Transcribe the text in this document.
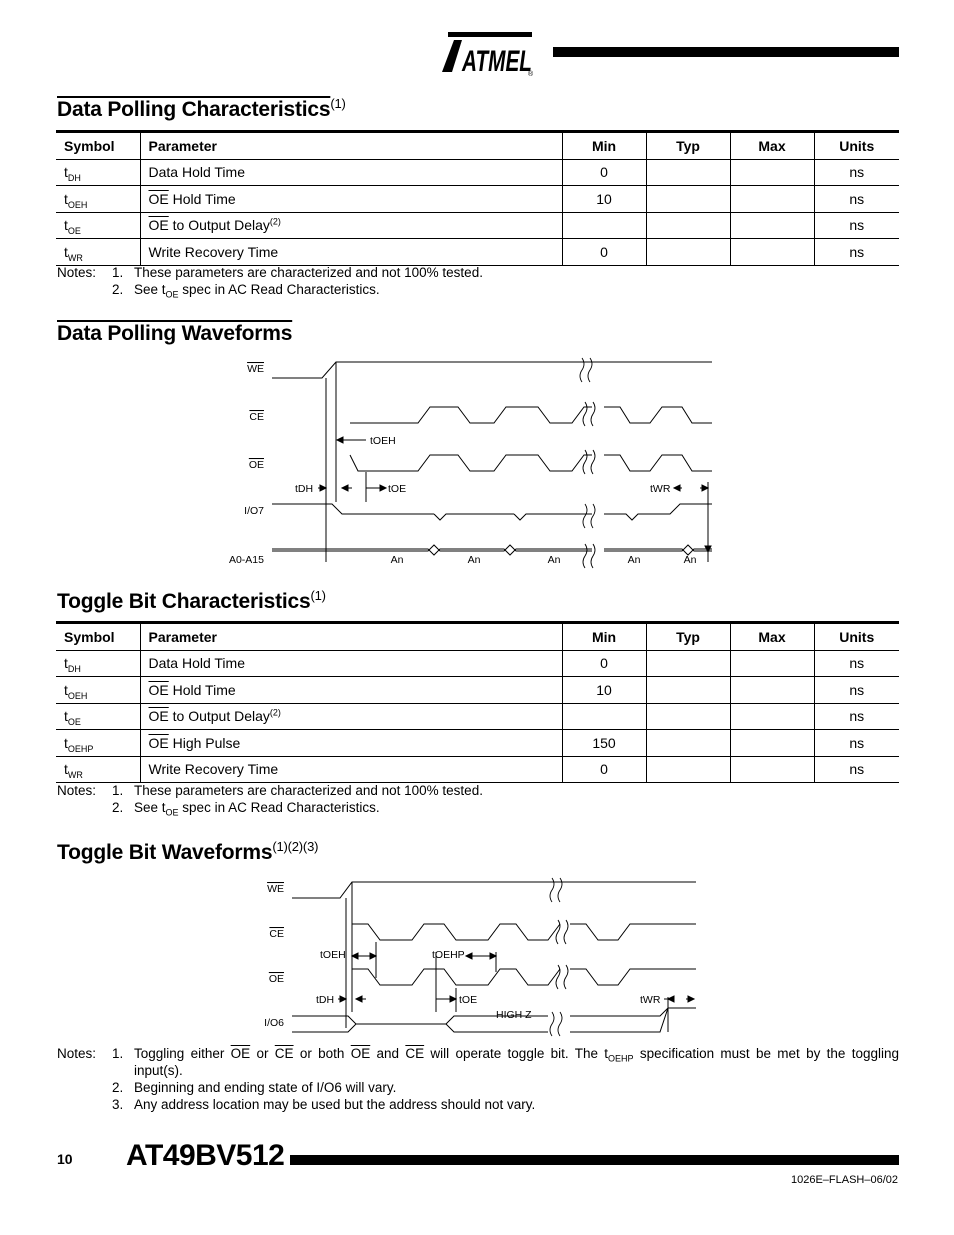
ATMEL
®
Data Polling Characteristics$^{(1)}$
Symbol	Parameter	Min	Typ	Max	Units
$t_{DH}$	Data Hold Time	0			ns
$t_{OEH}$	$\overline{OE}$ Hold Time	10			ns
$t_{OE}$	$\overline{OE}$ to Output Delay$^{(2)}$				ns
$t_{WR}$	Write Recovery Time	0			ns
Notes:	1. These parameters are characterized and not 100% tested.
2. See $t_{OE}$ spec in AC Read Characteristics.
Data Polling Waveforms
WE
CE
OE
I/O7
A0-A15
tOEH
tDH	tOE	tWR
An	An	An	An	An
Toggle Bit Characteristics$^{(1)}$
Symbol	Parameter	Min	Typ	Max	Units
$t_{DH}$	Data Hold Time	0			ns
$t_{OEH}$	$\overline{OE}$ Hold Time	10			ns
$t_{OE}$	$\overline{OE}$ to Output Delay$^{(2)}$				ns
$t_{OEHP}$	$\overline{OE}$ High Pulse	150			ns
$t_{WR}$	Write Recovery Time	0			ns
Notes:	1. These parameters are characterized and not 100% tested.
2. See $t_{OE}$ spec in AC Read Characteristics.
Toggle Bit Waveforms$^{(1)(2)(3)}$
WE
CE
OE
I/O6
tOEH	tOEHP
tDH	tOE	tWR
HIGH Z
Notes:	1. Toggling either $\overline{OE}$ or $\overline{CE}$ or both $\overline{OE}$ and $\overline{CE}$ will operate toggle bit. The $t_{OEHP}$ specification must be met by the toggling
input(s).
2. Beginning and ending state of I/O6 will vary.
3. Any address location may be used but the address should not vary.
10 AT49BV512
1026E–FLASH–06/02
